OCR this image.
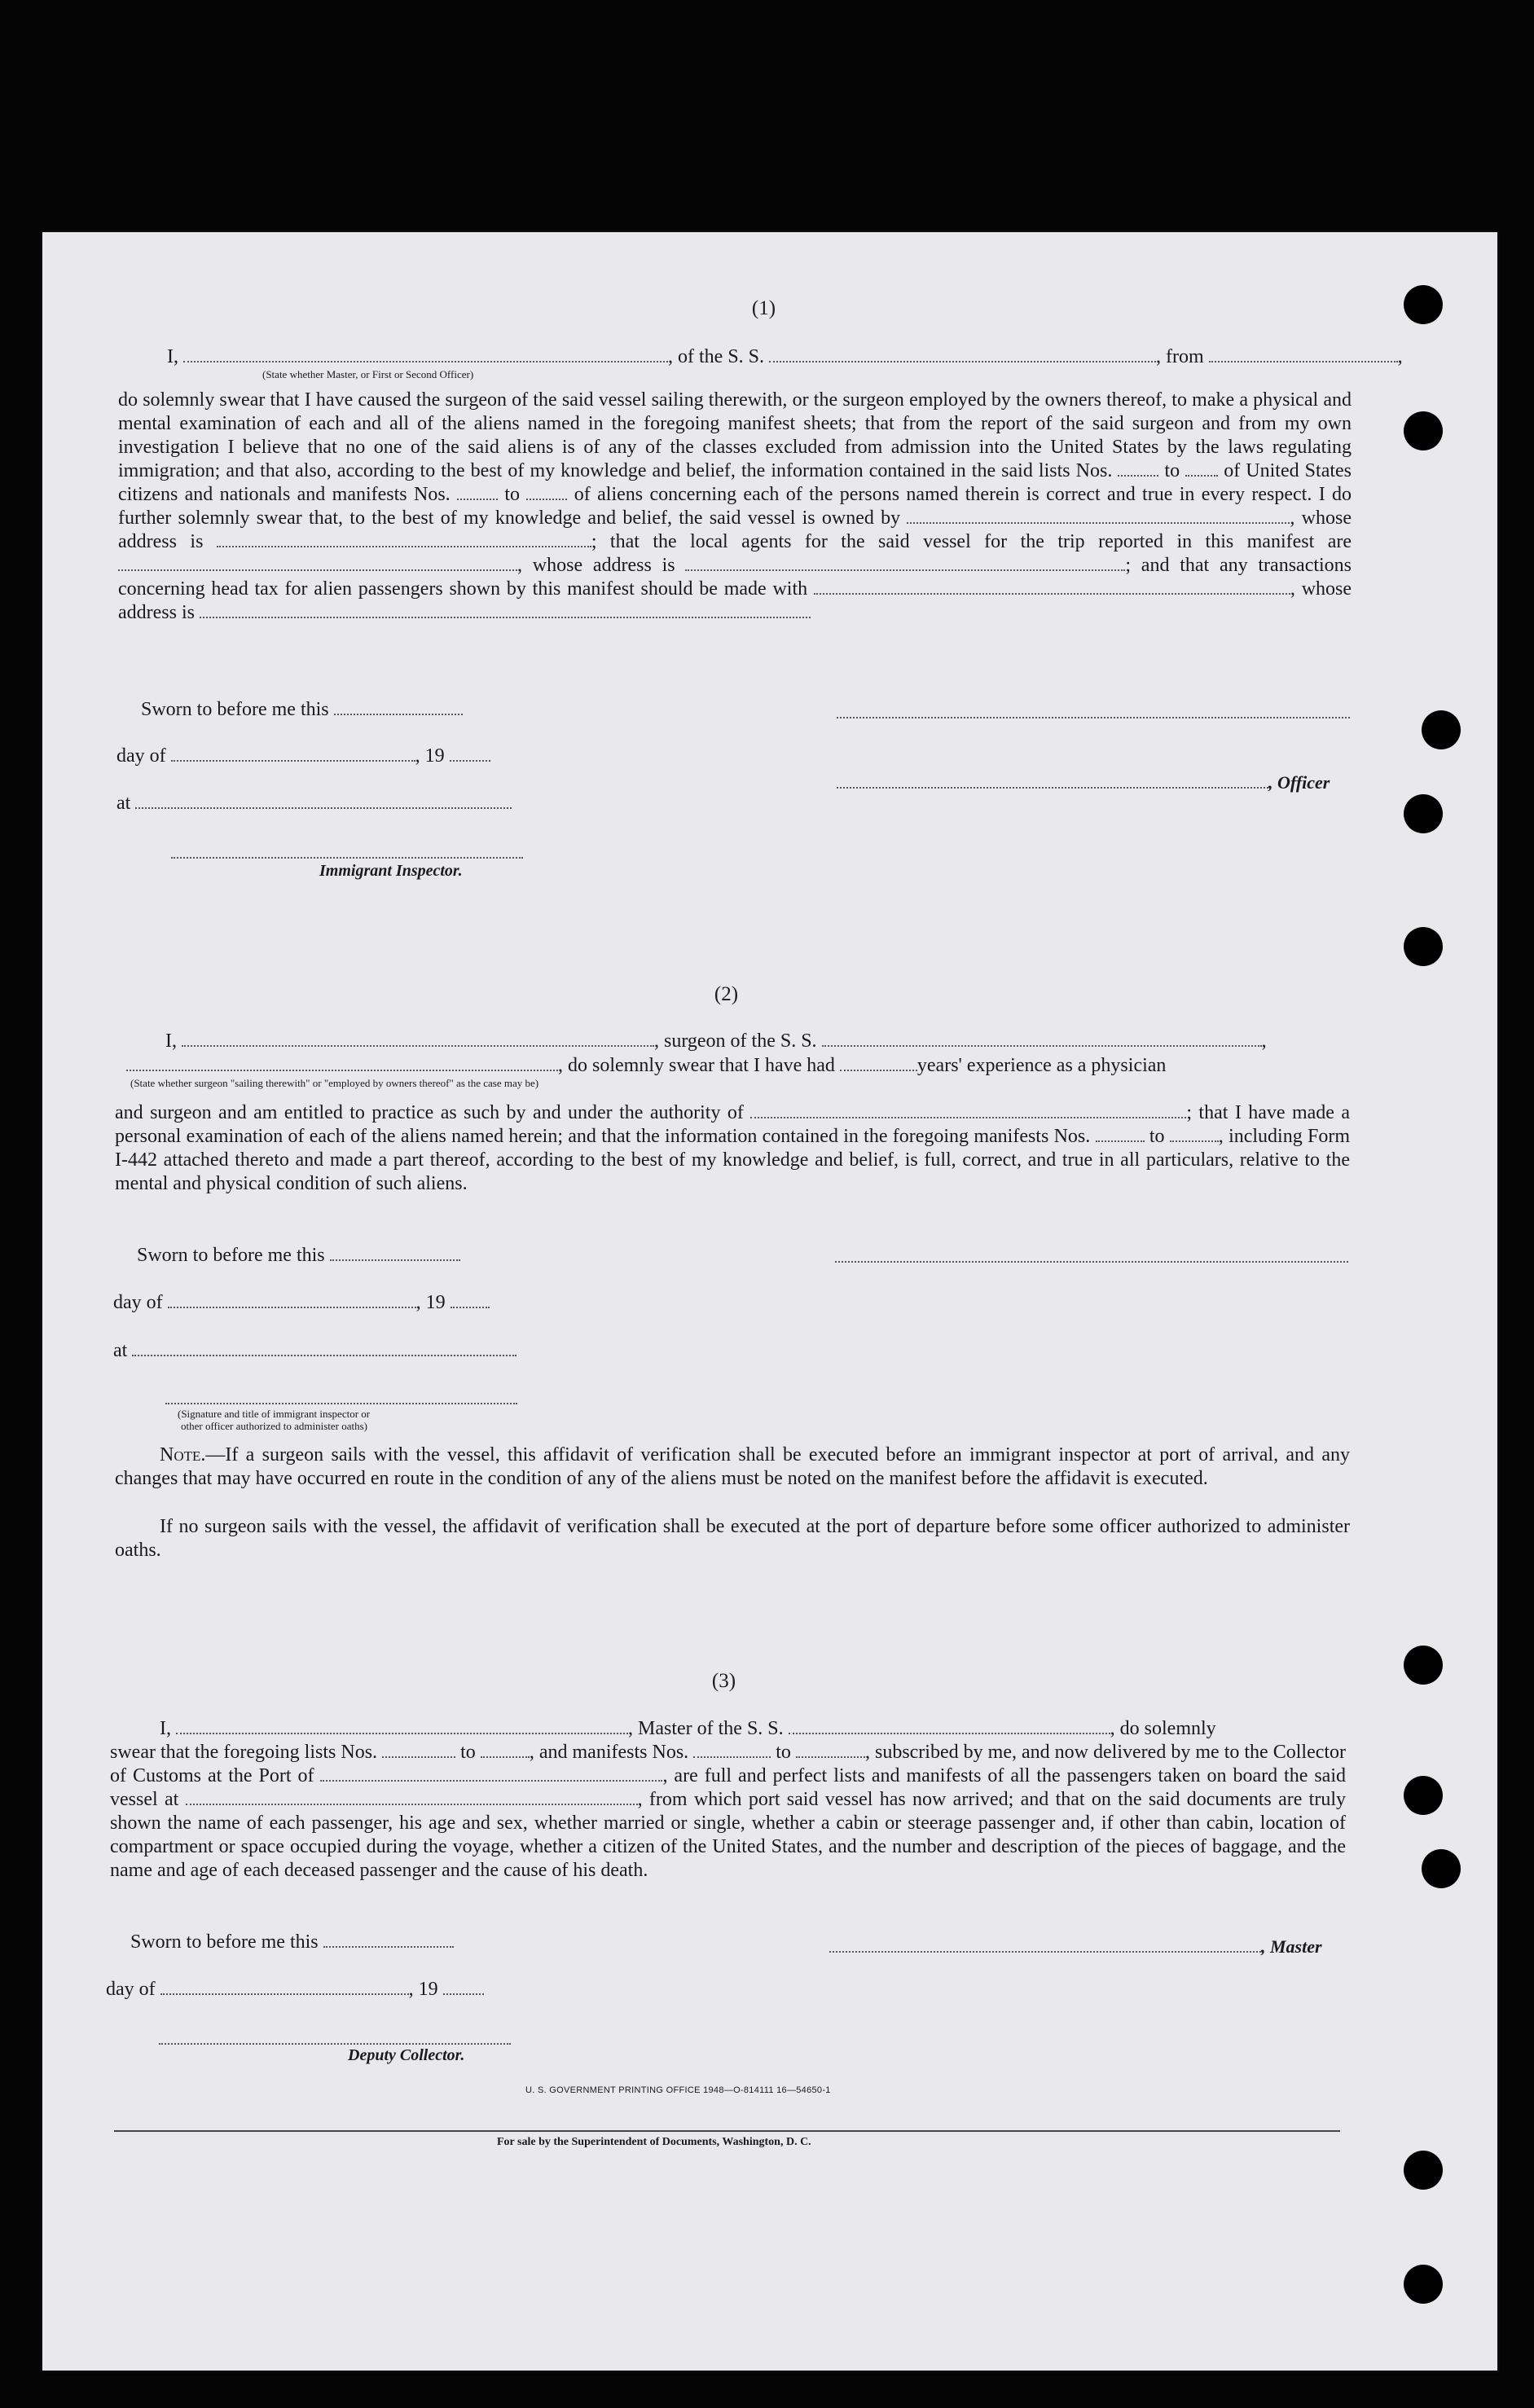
(1)
I,	, of the S. S.	, from	,
(State whether Master, or First or Second Officer)
do solemnly swear that I have caused the surgeon of the said vessel sailing therewith, or the surgeon employed by the owners thereof, to make a physical and mental examination of each and all of the aliens named in the foregoing manifest sheets; that from the report of the said surgeon and from my own investigation I believe that no one of the said aliens is of any of the classes excluded from admission into the United States by the laws regulating immigration; and that also, according to the best of my knowledge and belief, the information contained in the said lists Nos.	to of United States citizens and nationals and manifests Nos.	to	of aliens concerning each of the persons named therein is correct and true in every respect. I do further solemnly swear that, to the best of my knowledge and belief, the said vessel is owned by	, whose address is	; that the local agents for the said vessel for the trip reported in this manifest are , whose address is	; and that any transactions concerning head tax for alien passengers shown by this manifest should be made with	, whose address is
Sworn to before me this
day of	, 19
, Officer
at
Immigrant Inspector.
(2)
I,	, surgeon of the S. S.	,
, do solemnly swear that I have had	years' experience as a physician
(State whether surgeon "sailing therewith" or "employed by owners thereof" as the case may be)
and surgeon and am entitled to practice as such by and under the authority of	; that I have made a personal examination of each of the aliens named herein; and that the information contained in the foregoing manifests Nos.	to	, including Form I-442 attached thereto and made a part thereof, according to the best of my knowledge and belief, is full, correct, and true in all particulars, relative to the mental and physical condition of such aliens.
Sworn to before me this
day of	, 19
at
(Signature and title of immigrant inspector or
other officer authorized to administer oaths)
Note.—If a surgeon sails with the vessel, this affidavit of verification shall be executed before an immigrant inspector at port of arrival, and any changes that may have occurred en route in the condition of any of the aliens must be noted on the manifest before the affidavit is executed.
If no surgeon sails with the vessel, the affidavit of verification shall be executed at the port of departure before some officer authorized to administer oaths.
(3)
I,	, Master of the S. S.	, do solemnly
swear that the foregoing lists Nos.	to	, and manifests Nos.	to	, subscribed by me, and now delivered by me to the Collector of Customs at the Port of	, are full and perfect lists and manifests of all the passengers taken on board the said vessel at	, from which port said vessel has now arrived; and that on the said documents are truly shown the name of each passenger, his age and sex, whether married or single, whether a cabin or steerage passenger and, if other than cabin, location of compartment or space occupied during the voyage, whether a citizen of the United States, and the number and description of the pieces of baggage, and the name and age of each deceased passenger and the cause of his death.
Sworn to before me this	, Master
day of	, 19
Deputy Collector.
U. S. GOVERNMENT PRINTING OFFICE 1948—O-814111 16—54650-1
For sale by the Superintendent of Documents, Washington, D. C.
